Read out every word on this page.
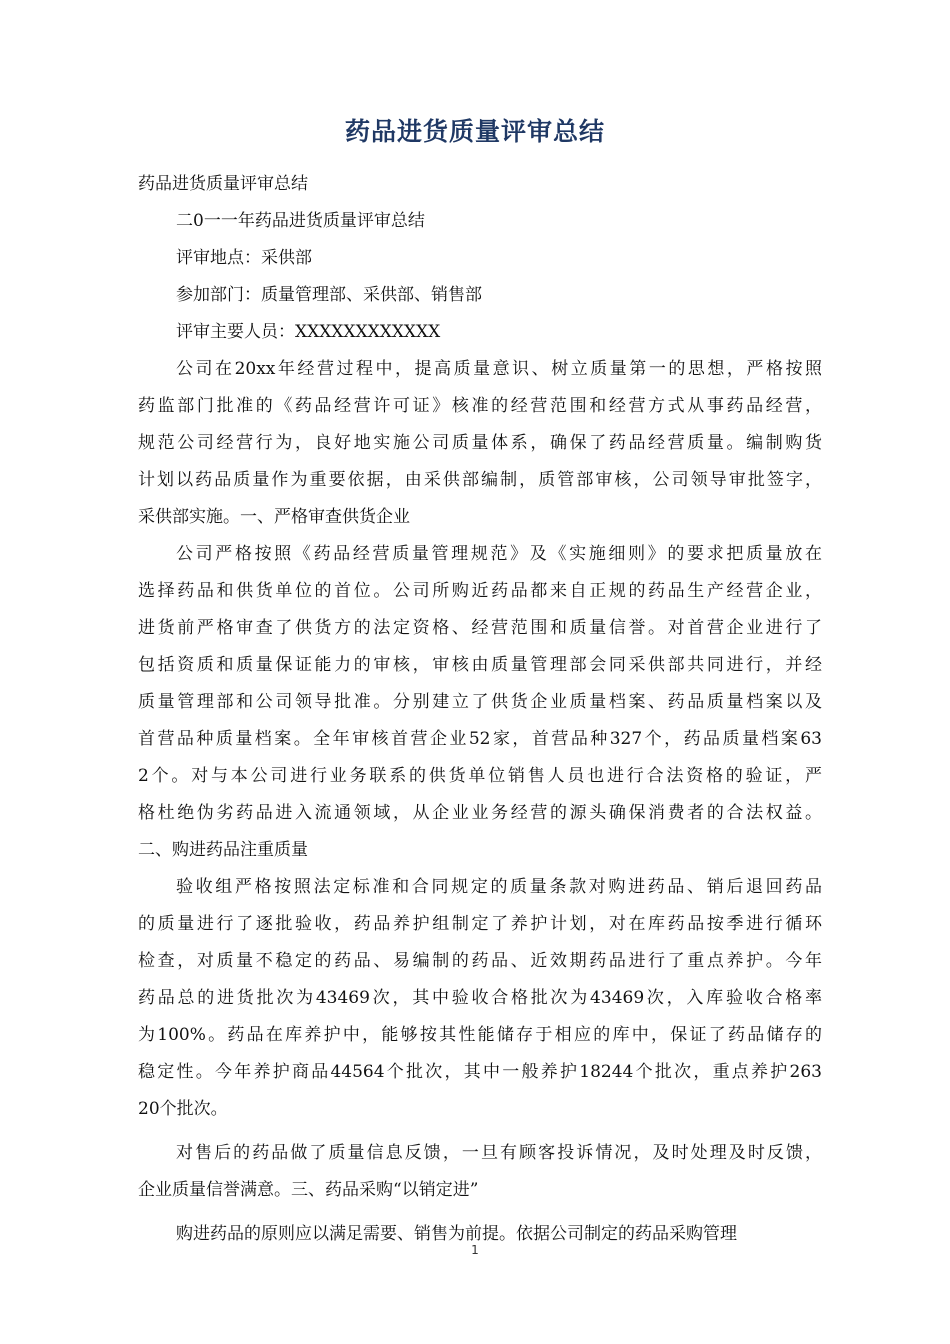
药品进货质量评审总结
药品进货质量评审总结
二0一一年药品进货质量评审总结
评审地点：采供部
参加部门：质量管理部、采供部、销售部
评审主要人员：XXXXXXXXXXXX
公司在20xx年经营过程中，提高质量意识、树立质量第一的思想，严格按照
药监部门批准的《药品经营许可证》核准的经营范围和经营方式从事药品经营，
规范公司经营行为，良好地实施公司质量体系，确保了药品经营质量。编制购货
计划以药品质量作为重要依据，由采供部编制，质管部审核，公司领导审批签字，
采供部实施。一、严格审查供货企业
公司严格按照《药品经营质量管理规范》及《实施细则》的要求把质量放在
选择药品和供货单位的首位。公司所购近药品都来自正规的药品生产经营企业，
进货前严格审查了供货方的法定资格、经营范围和质量信誉。对首营企业进行了
包括资质和质量保证能力的审核，审核由质量管理部会同采供部共同进行，并经
质量管理部和公司领导批准。分别建立了供货企业质量档案、药品质量档案以及
首营品种质量档案。全年审核首营企业52家，首营品种327个，药品质量档案63
2个。对与本公司进行业务联系的供货单位销售人员也进行合法资格的验证，严
格杜绝伪劣药品进入流通领域，从企业业务经营的源头确保消费者的合法权益。
二、购进药品注重质量
验收组严格按照法定标准和合同规定的质量条款对购进药品、销后退回药品
的质量进行了逐批验收，药品养护组制定了养护计划，对在库药品按季进行循环
检查，对质量不稳定的药品、易编制的药品、近效期药品进行了重点养护。今年
药品总的进货批次为43469次，其中验收合格批次为43469次，入库验收合格率
为100%。药品在库养护中，能够按其性能储存于相应的库中，保证了药品储存的
稳定性。今年养护商品44564个批次，其中一般养护18244个批次，重点养护263
20个批次。
对售后的药品做了质量信息反馈，一旦有顾客投诉情况，及时处理及时反馈，
企业质量信誉满意。三、药品采购“以销定进”
购进药品的原则应以满足需要、销售为前提。依据公司制定的药品采购管理
1
